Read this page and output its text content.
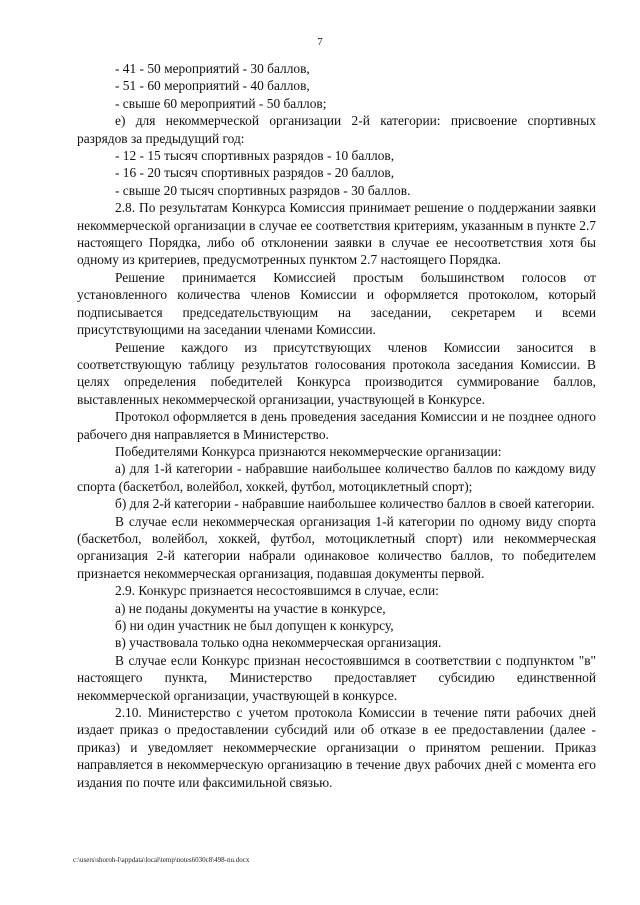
7

- 41 - 50 мероприятий - 30 баллов,

- 51 - 60 мероприятий - 40 баллов,

- свыше 60 мероприятий - 50 баллов;

е) для некоммерческой организации 2-й категории: присвоение спортивных разрядов за предыдущий год:

- 12 - 15 тысяч спортивных разрядов - 10 баллов,

- 16 - 20 тысяч спортивных разрядов - 20 баллов,

- свыше 20 тысяч спортивных разрядов - 30 баллов.

2.8. По результатам Конкурса Комиссия принимает решение о поддержании заявки некоммерческой организации в случае ее соответствия критериям, указанным в пункте 2.7 настоящего Порядка, либо об отклонении заявки в случае ее несоответствия хотя бы одному из критериев, предусмотренных пунктом 2.7 настоящего Порядка.

Решение принимается Комиссией простым большинством голосов от установленного количества членов Комиссии и оформляется протоколом, который подписывается председательствующим на заседании, секретарем и всеми присутствующими на заседании членами Комиссии.

Решение каждого из присутствующих членов Комиссии заносится в соответствующую таблицу результатов голосования протокола заседания Комиссии. В целях определения победителей Конкурса производится суммирование баллов, выставленных некоммерческой организации, участвующей в Конкурсе.

Протокол оформляется в день проведения заседания Комиссии и не позднее одного рабочего дня направляется в Министерство.

Победителями Конкурса признаются некоммерческие организации:

а) для 1-й категории - набравшие наибольшее количество баллов по каждому виду спорта (баскетбол, волейбол, хоккей, футбол, мотоциклетный спорт);

б) для 2-й категории - набравшие наибольшее количество баллов в своей категории.

В случае если некоммерческая организация 1-й категории по одному виду спорта (баскетбол, волейбол, хоккей, футбол, мотоциклетный спорт) или некоммерческая организация 2-й категории набрали одинаковое количество баллов, то победителем признается некоммерческая организация, подавшая документы первой.

2.9. Конкурс признается несостоявшимся в случае, если:

а) не поданы документы на участие в конкурсе,

б) ни один участник не был допущен к конкурсу,

в) участвовала только одна некоммерческая организация.

В случае если Конкурс признан несостоявшимся в соответствии с подпунктом "в" настоящего пункта, Министерство предоставляет субсидию единственной некоммерческой организации, участвующей в конкурсе.

2.10. Министерство с учетом протокола Комиссии в течение пяти рабочих дней издает приказ о предоставлении субсидий или об отказе в ее предоставлении (далее - приказ) и уведомляет некоммерческие организации о принятом решении. Приказ направляется в некоммерческую организацию в течение двух рабочих дней с момента его издания по почте или факсимильной связью.

c:\users\shoroh-l\appdata\local\temp\notes6030c8\498-nu.docx
